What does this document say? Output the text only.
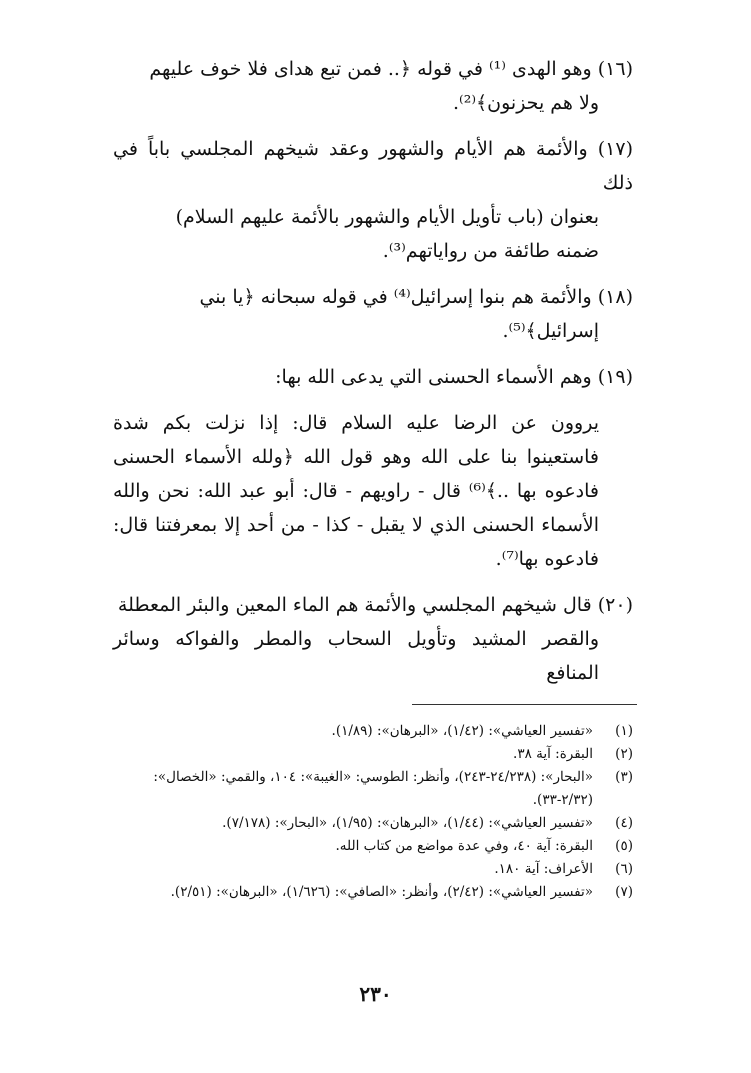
(١٦) وهو الهدى ⁽¹⁾ في قوله ﴿.. فمن تبع هداى فلا خوف عليهم
ولا هم يحزنون﴾⁽²⁾.

(١٧) والأئمة هم الأيام والشهور وعقد شيخهم المجلسي باباً في ذلك
بعنوان (باب تأويل الأيام والشهور بالأئمة عليهم السلام)
ضمنه طائفة من رواياتهم⁽³⁾.

(١٨) والأئمة هم بنوا إسرائيل⁽⁴⁾ في قوله سبحانه ﴿يا بني
إسرائيل﴾⁽⁵⁾.

(١٩) وهم الأسماء الحسنى التي يدعى الله بها:

يروون عن الرضا عليه السلام قال: إذا نزلت بكم شدة فاستعينوا بنا على الله وهو قول الله ﴿ولله الأسماء الحسنى فادعوه بها ..﴾⁽⁶⁾ قال - راويهم - قال: أبو عبد الله: نحن والله الأسماء الحسنى الذي لا يقبل - كذا - من أحد إلا بمعرفتنا قال: فادعوه بها⁽⁷⁾.

(٢٠) قال شيخهم المجلسي والأئمة هم الماء المعين والبئر المعطلة
والقصر المشيد وتأويل السحاب والمطر والفواكه وسائر المنافع

(١)
«تفسير العياشي»: (١/٤٢)، «البرهان»: (١/٨٩).
(٢)
البقرة: آية ٣٨.
(٣)
«البحار»: (٢٤/٢٣٨-٢٤٣)، وأنظر: الطوسي: «الغيبة»: ١٠٤، والقمي: «الخصال»: (٢/٣٢-٣٣).
(٤)
«تفسير العياشي»: (١/٤٤)، «البرهان»: (١/٩٥)، «البحار»: (٧/١٧٨).
(٥)
البقرة: آية ٤٠، وفي عدة مواضع من كتاب الله.
(٦)
الأعراف: آية ١٨٠.
(٧)
«تفسير العياشي»: (٢/٤٢)، وأنظر: «الصافي»: (١/٦٢٦)، «البرهان»: (٢/٥١).
٢٣٠
